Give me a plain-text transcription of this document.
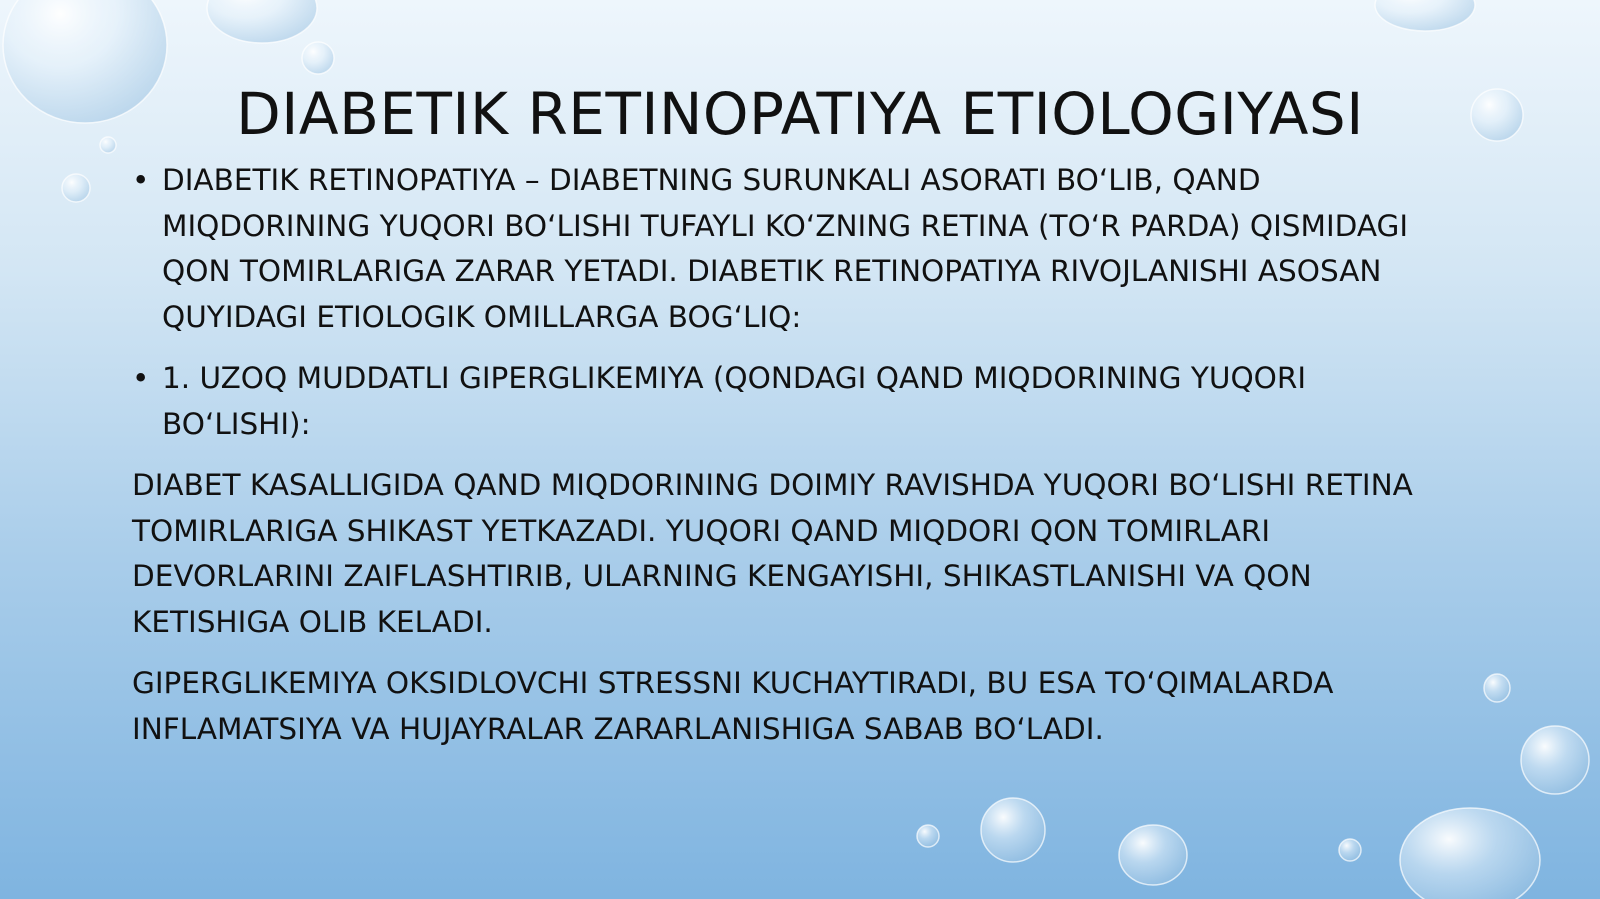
DIABETIK RETINOPATIYA ETIOLOGIYASI
• DIABETIK RETINOPATIYA – DIABETNING SURUNKALI ASORATI BO‘LIB, QAND MIQDORINING YUQORI BO‘LISHI TUFAYLI KO‘ZNING RETINA (TO‘R PARDA) QISMIDAGI QON TOMIRLARIGA ZARAR YETADI. DIABETIK RETINOPATIYA RIVOJLANISHI ASOSAN QUYIDAGI ETIOLOGIK OMILLARGA BOG‘LIQ:
• 1. UZOQ MUDDATLI GIPERGLIKEMIYA (QONDAGI QAND MIQDORINING YUQORI BO‘LISHI):

DIABET KASALLIGIDA QAND MIQDORINING DOIMIY RAVISHDA YUQORI BO‘LISHI RETINA TOMIRLARIGA SHIKAST YETKAZADI. YUQORI QAND MIQDORI QON TOMIRLARI DEVORLARINI ZAIFLASHTIRIB, ULARNING KENGAYISHI, SHIKASTLANISHI VA QON KETISHIGA OLIB KELADI.

GIPERGLIKEMIYA OKSIDLOVCHI STRESSNI KUCHAYTIRADI, BU ESA TO‘QIMALARDA INFLAMATSIYA VA HUJAYRALAR ZARARLANISHIGA SABAB BO‘LADI.
